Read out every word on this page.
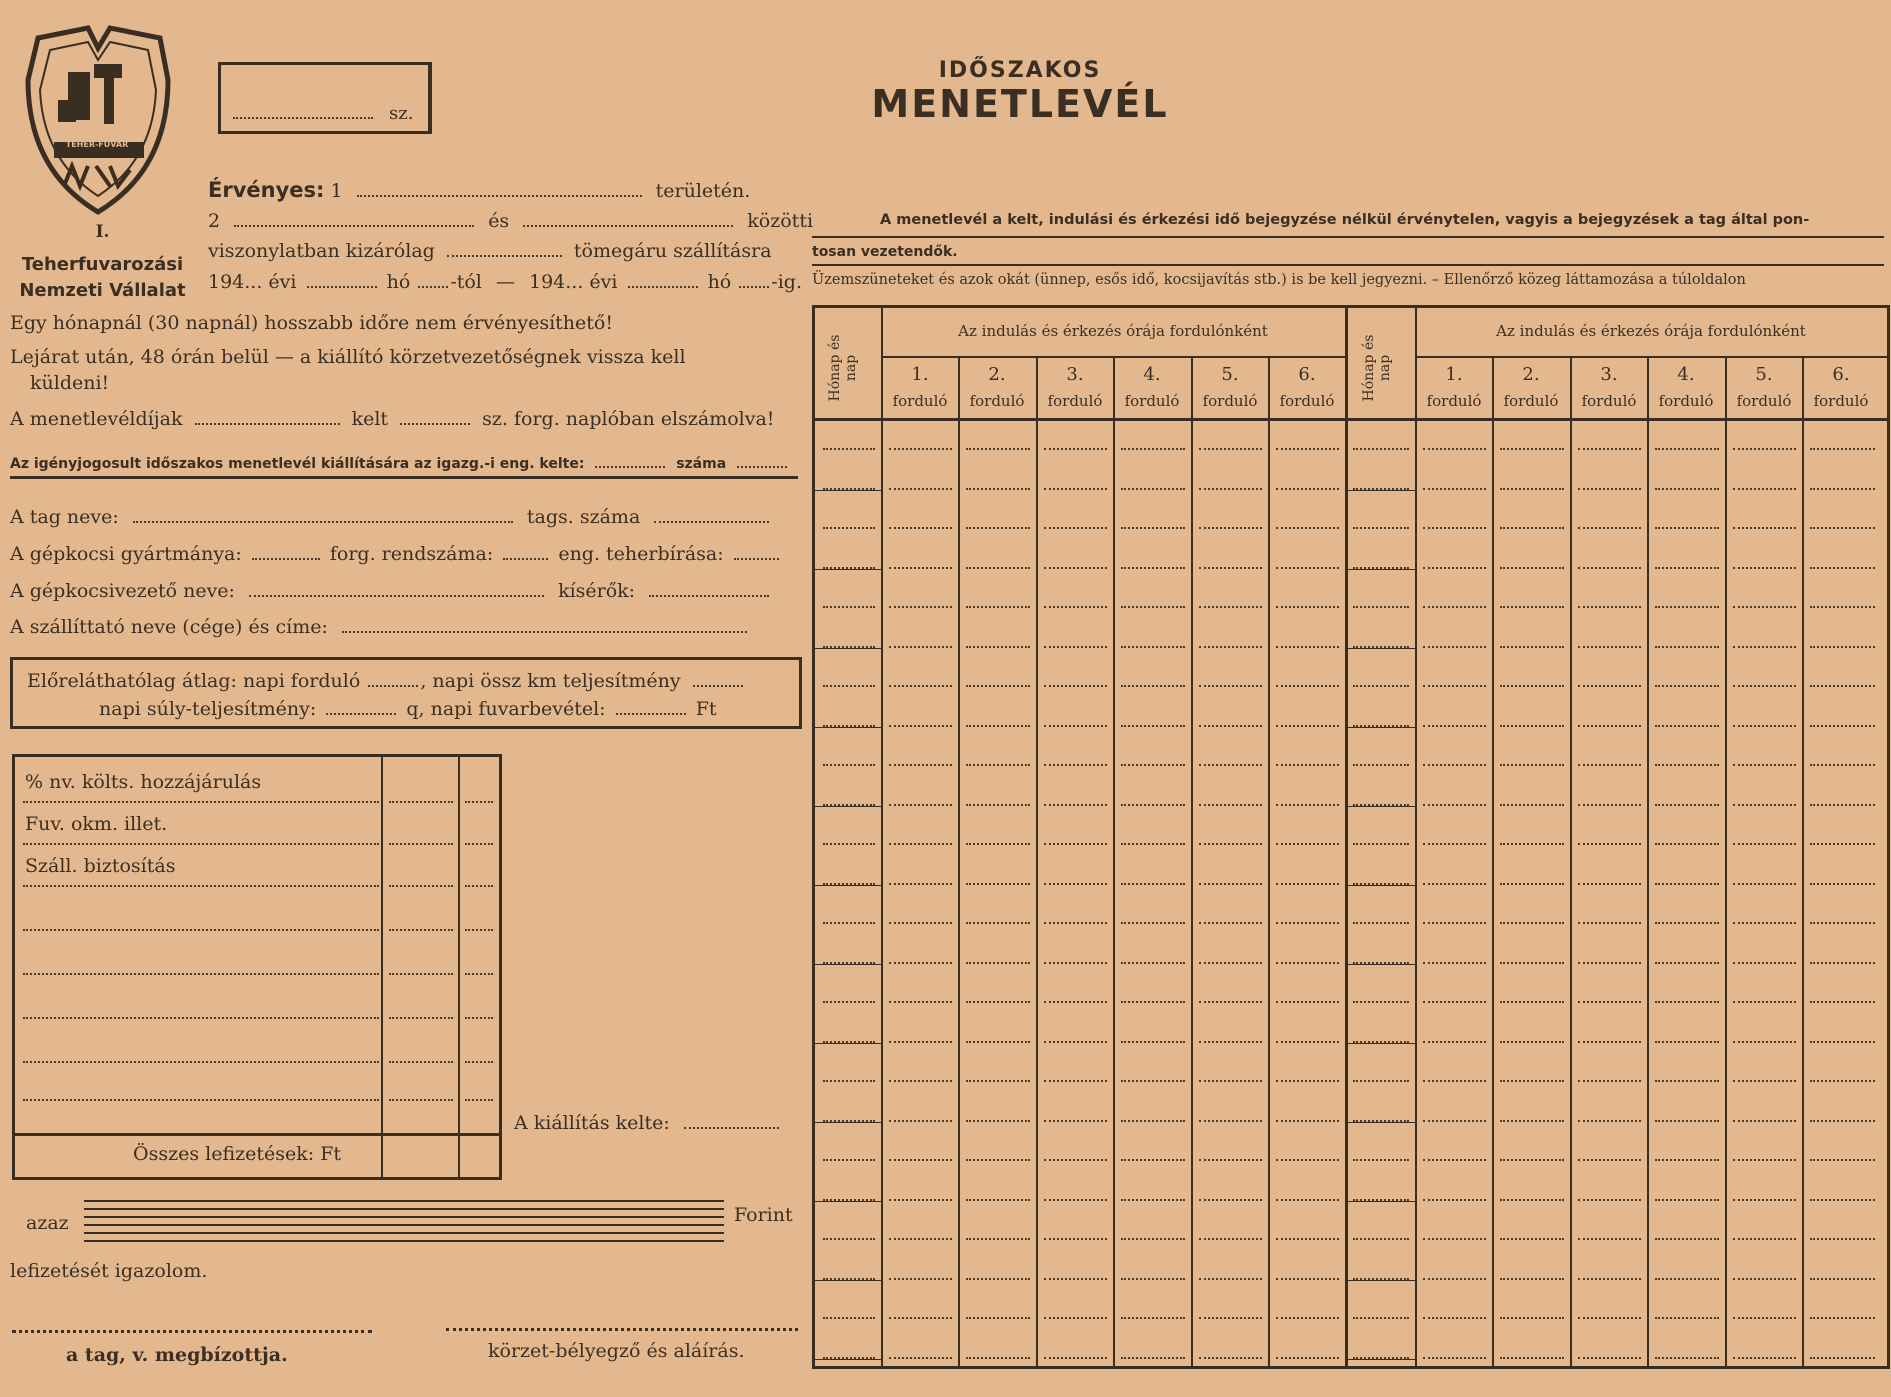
TEHER-FUVAR
I.
Teherfuvarozási
Nemzeti Vállalat
sz.
IDŐSZAKOS
MENETLEVÉL
Érvényes: 1	területén.
2	és	közötti
viszonylatban kizárólag	tömegáru szállításra
194... évi	hó -tól — 194... évi	hó -ig.
Egy hónapnál (30 napnál) hosszabb időre nem érvényesíthető!
Lejárat után, 48 órán belül — a kiállító körzetvezetőségnek vissza kell
küldeni!
A menetlevéldíjak	kelt	sz. forg. naplóban elszámolva!
Az igényjogosult időszakos menetlevél kiállítására az igazg.-i eng. kelte:	száma
A tag neve:	tags. száma
A gépkocsi gyártmánya:	forg. rendszáma:	eng. teherbírása:
A gépkocsivezető neve:	kísérők:
A szállíttató neve (cége) és címe:
Előreláthatólag átlag: napi forduló	, napi össz km teljesítmény
napi súly-teljesítmény:	q, napi fuvarbevétel:	Ft
% nv. költs. hozzájárulás
Fuv. okm. illet.
Száll. biztosítás
Összes lefizetések: Ft
A kiállítás kelte:
azaz	Forint
lefizetését igazolom.
a tag, v. megbízottja.	körzet-bélyegző és aláírás.
A menetlevél a kelt, indulási és érkezési idő bejegyzése nélkül érvénytelen, vagyis a bejegyzések a tag által pon-
tosan vezetendők.
Üzemszüneteket és azok okát (ünnep, esős idő, kocsijavítás stb.) is be kell jegyezni. – Ellenőrző közeg láttamozása a túloldalon
Hónap és nap	Hónap és nap
Az indulás és érkezés órája fordulónként	Az indulás és érkezés órája fordulónként
1.	2.	3.	4.	5.	6.	1.	2.	3.	4.	5.	6.
forduló	forduló	forduló	forduló	forduló	forduló	forduló	forduló	forduló	forduló	forduló	forduló
